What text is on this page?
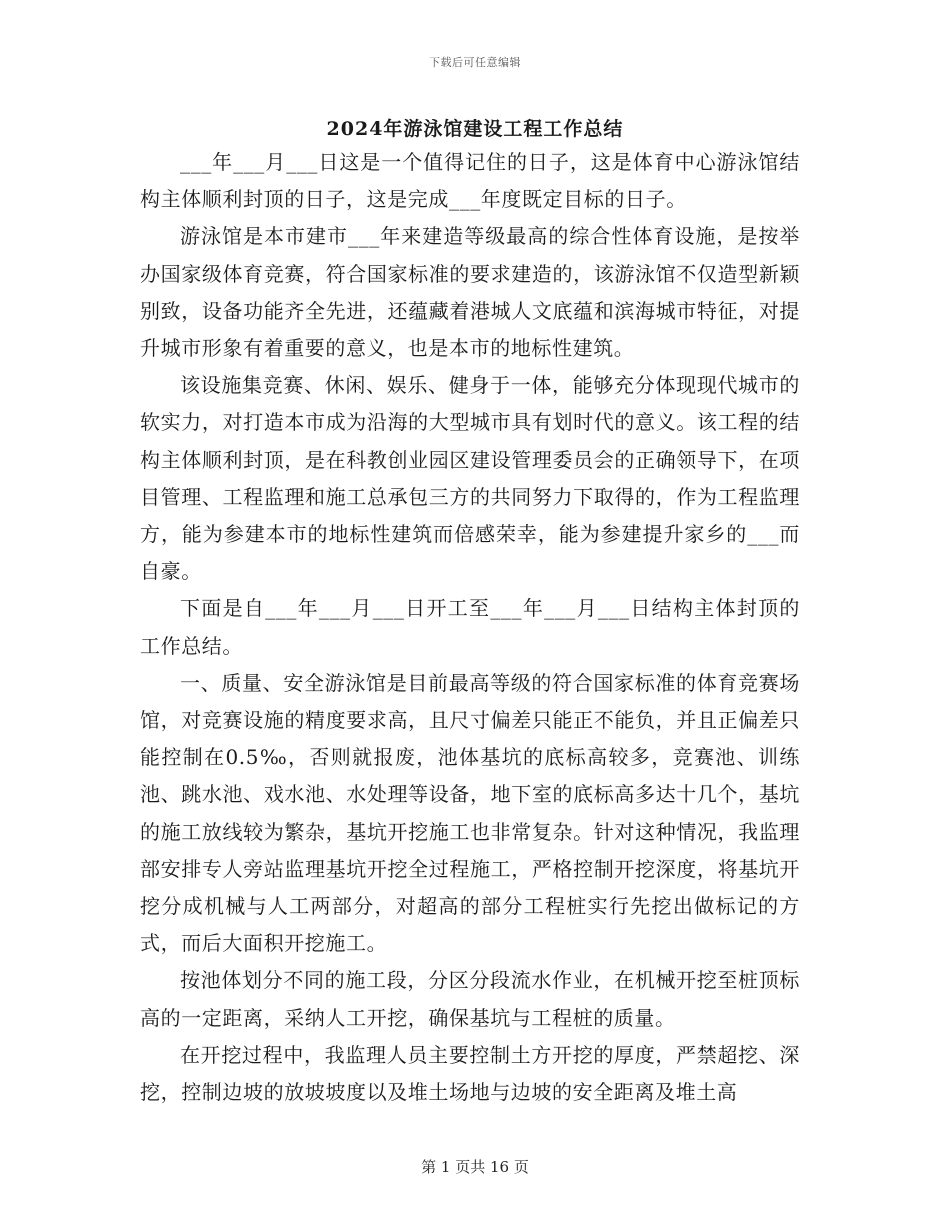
下载后可任意编辑
2024年游泳馆建设工程工作总结

___年___月___日这是一个值得记住的日子，这是体育中心游泳馆结构主体顺利封顶的日子，这是完成___年度既定目标的日子。

游泳馆是本市建市___年来建造等级最高的综合性体育设施，是按举办国家级体育竞赛，符合国家标准的要求建造的，该游泳馆不仅造型新颖别致，设备功能齐全先进，还蕴藏着港城人文底蕴和滨海城市特征，对提升城市形象有着重要的意义，也是本市的地标性建筑。

该设施集竞赛、休闲、娱乐、健身于一体，能够充分体现现代城市的软实力，对打造本市成为沿海的大型城市具有划时代的意义。该工程的结构主体顺利封顶，是在科教创业园区建设管理委员会的正确领导下，在项目管理、工程监理和施工总承包三方的共同努力下取得的，作为工程监理方，能为参建本市的地标性建筑而倍感荣幸，能为参建提升家乡的___而自豪。

下面是自___年___月___日开工至___年___月___日结构主体封顶的工作总结。

一、质量、安全游泳馆是目前最高等级的符合国家标准的体育竞赛场馆，对竞赛设施的精度要求高，且尺寸偏差只能正不能负，并且正偏差只能控制在0.5‰，否则就报废，池体基坑的底标高较多，竞赛池、训练池、跳水池、戏水池、水处理等设备，地下室的底标高多达十几个，基坑的施工放线较为繁杂，基坑开挖施工也非常复杂。针对这种情况，我监理部安排专人旁站监理基坑开挖全过程施工，严格控制开挖深度，将基坑开挖分成机械与人工两部分，对超高的部分工程桩实行先挖出做标记的方式，而后大面积开挖施工。

按池体划分不同的施工段，分区分段流水作业，在机械开挖至桩顶标高的一定距离，采纳人工开挖，确保基坑与工程桩的质量。

在开挖过程中，我监理人员主要控制土方开挖的厚度，严禁超挖、深挖，控制边坡的放坡坡度以及堆土场地与边坡的安全距离及堆土高

第 1 页共 16 页
